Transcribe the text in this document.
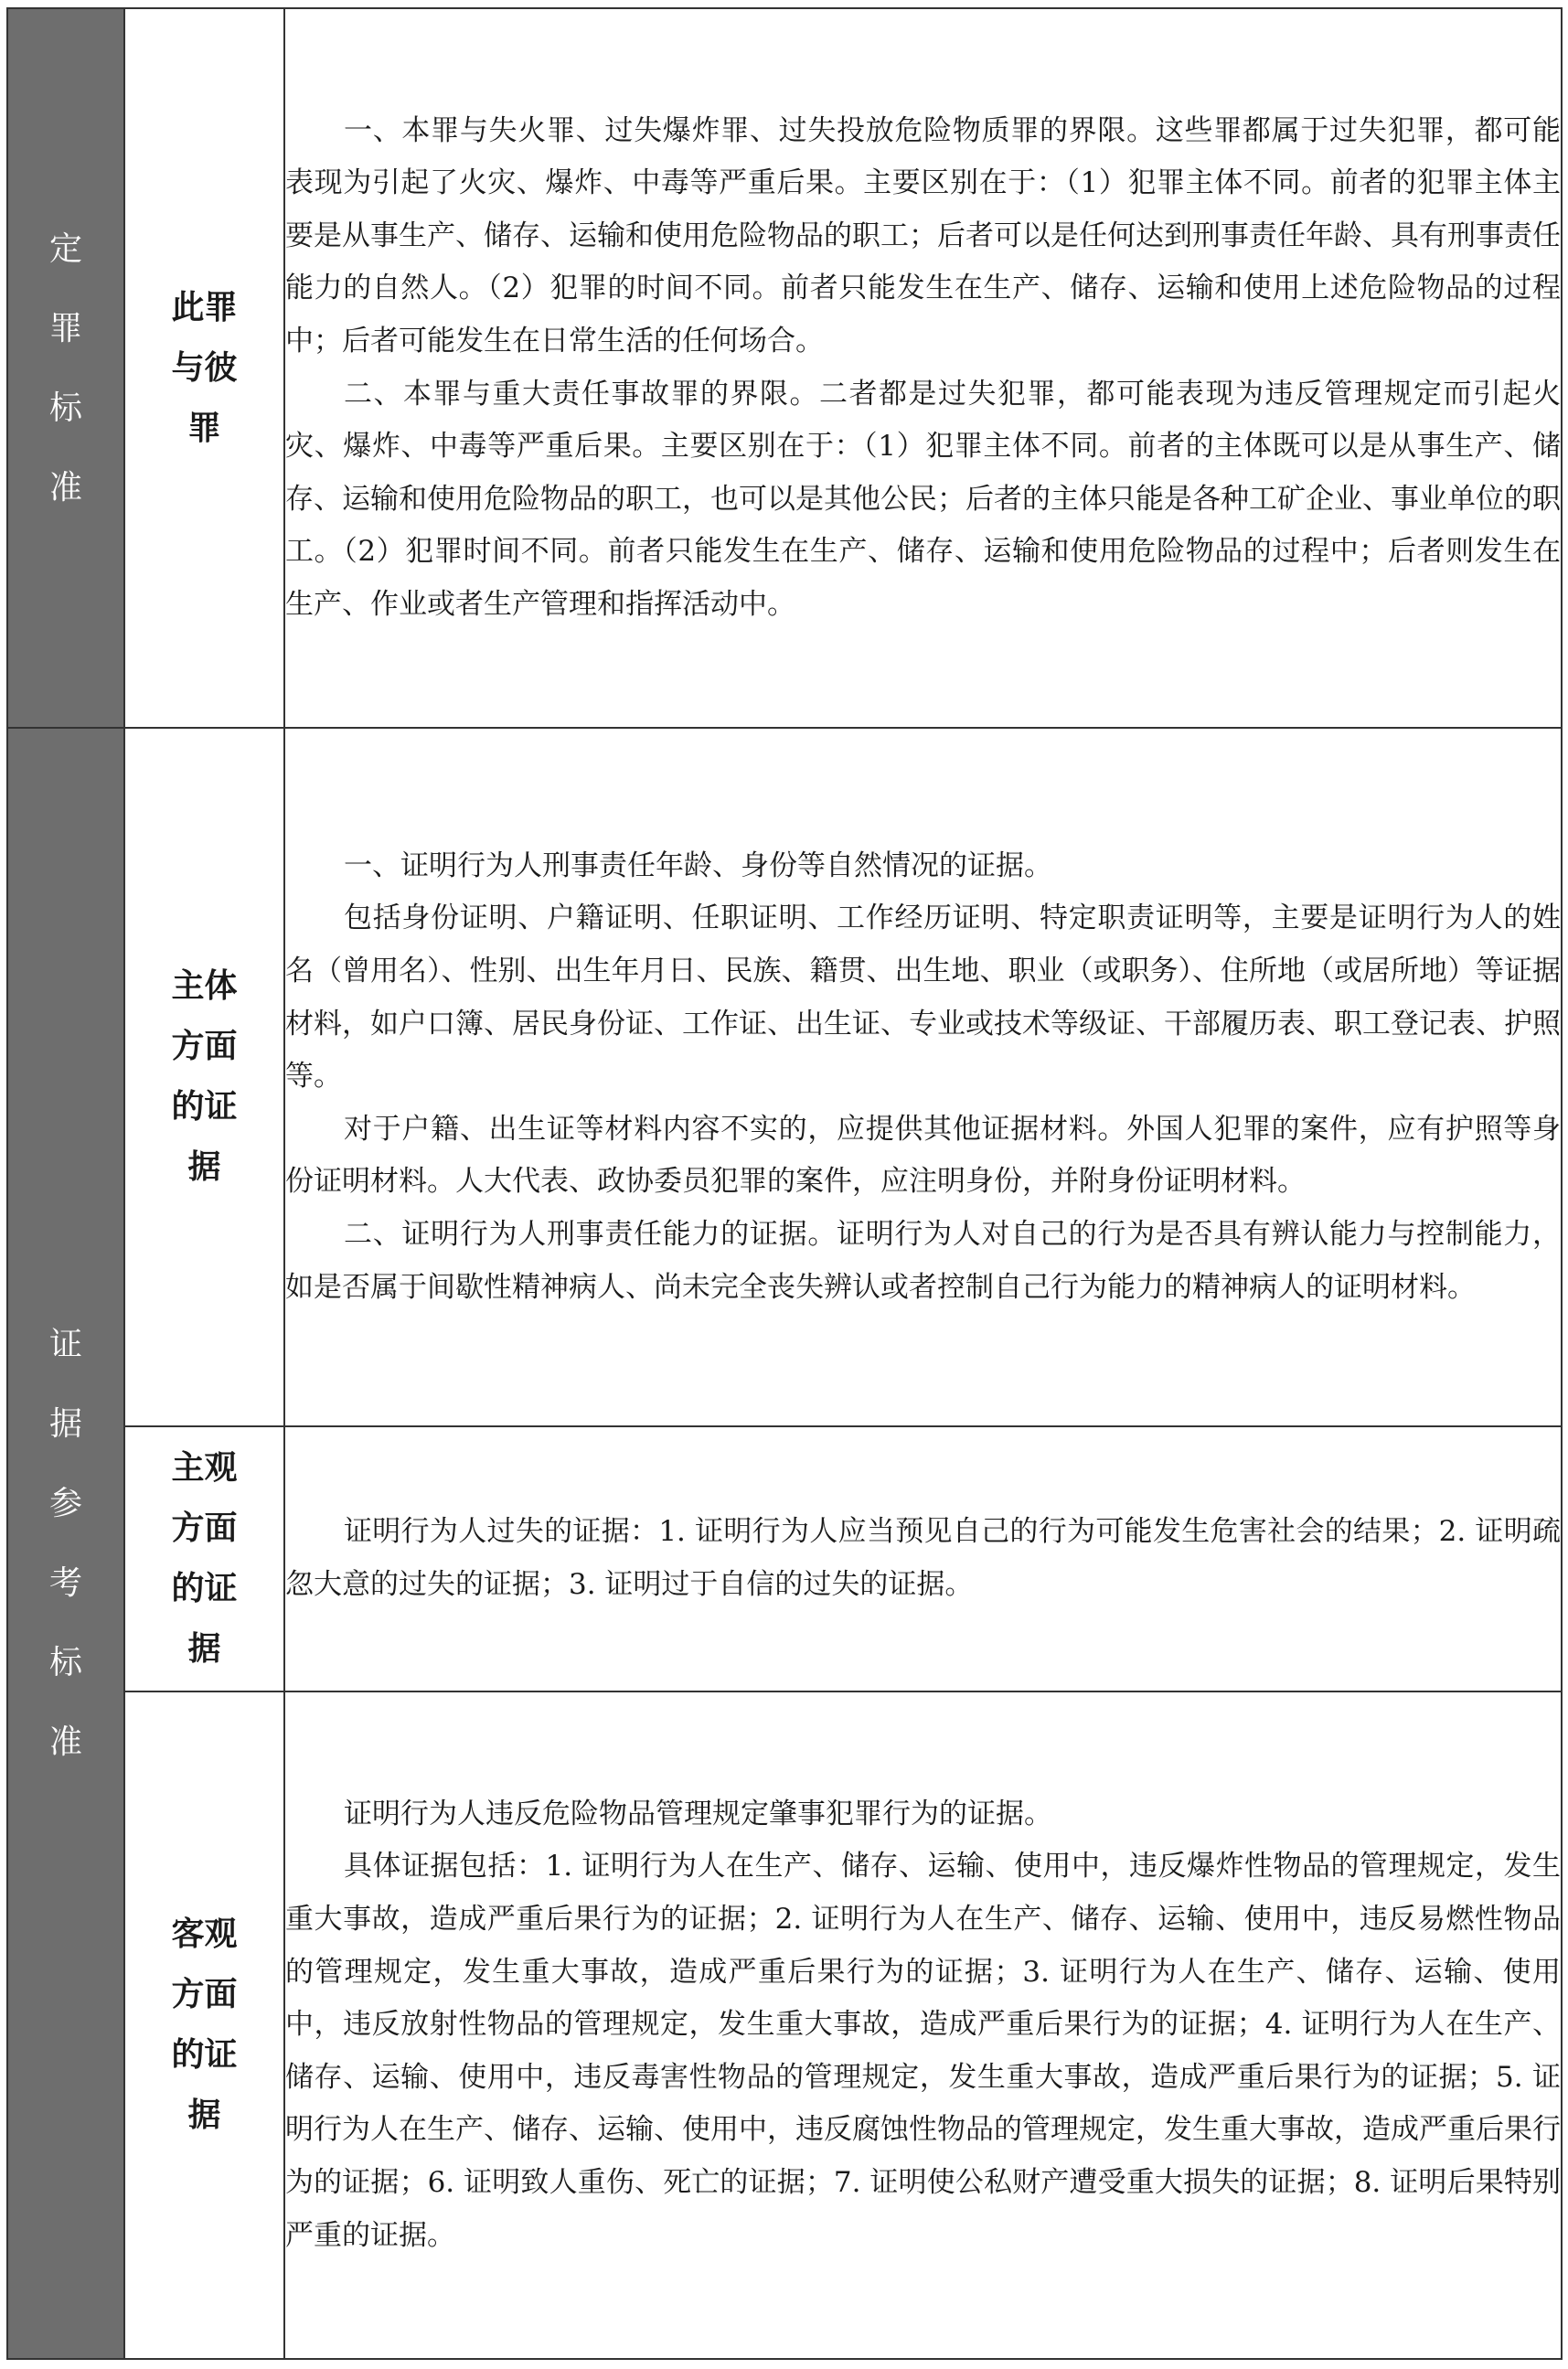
定罪标准	此罪与彼罪	一、本罪与失火罪、过失爆炸罪、过失投放危险物质罪的界限。这些罪都属于过失犯罪，都可能表现为引起了火灾、爆炸、中毒等严重后果。主要区别在于：（1）犯罪主体不同。前者的犯罪主体主要是从事生产、储存、运输和使用危险物品的职工；后者可以是任何达到刑事责任年龄、具有刑事责任能力的自然人。（2）犯罪的时间不同。前者只能发生在生产、储存、运输和使用上述危险物品的过程中；后者可能发生在日常生活的任何场合。

二、本罪与重大责任事故罪的界限。二者都是过失犯罪，都可能表现为违反管理规定而引起火灾、爆炸、中毒等严重后果。主要区别在于：（1）犯罪主体不同。前者的主体既可以是从事生产、储存、运输和使用危险物品的职工，也可以是其他公民；后者的主体只能是各种工矿企业、事业单位的职工。（2）犯罪时间不同。前者只能发生在生产、储存、运输和使用危险物品的过程中；后者则发生在生产、作业或者生产管理和指挥活动中。

证据参考标准	主体方面的证据	一、证明行为人刑事责任年龄、身份等自然情况的证据。

包括身份证明、户籍证明、任职证明、工作经历证明、特定职责证明等，主要是证明行为人的姓名（曾用名）、性别、出生年月日、民族、籍贯、出生地、职业（或职务）、住所地（或居所地）等证据材料，如户口簿、居民身份证、工作证、出生证、专业或技术等级证、干部履历表、职工登记表、护照等。

对于户籍、出生证等材料内容不实的，应提供其他证据材料。外国人犯罪的案件，应有护照等身份证明材料。人大代表、政协委员犯罪的案件，应注明身份，并附身份证明材料。

二、证明行为人刑事责任能力的证据。证明行为人对自己的行为是否具有辨认能力与控制能力，如是否属于间歇性精神病人、尚未完全丧失辨认或者控制自己行为能力的精神病人的证明材料。

	主观方面的证据	证明行为人过失的证据：1. 证明行为人应当预见自己的行为可能发生危害社会的结果；2. 证明疏忽大意的过失的证据；3. 证明过于自信的过失的证据。

	客观方面的证据	证明行为人违反危险物品管理规定肇事犯罪行为的证据。

具体证据包括：1. 证明行为人在生产、储存、运输、使用中，违反爆炸性物品的管理规定，发生重大事故，造成严重后果行为的证据；2. 证明行为人在生产、储存、运输、使用中，违反易燃性物品的管理规定，发生重大事故，造成严重后果行为的证据；3. 证明行为人在生产、储存、运输、使用中，违反放射性物品的管理规定，发生重大事故，造成严重后果行为的证据；4. 证明行为人在生产、储存、运输、使用中，违反毒害性物品的管理规定，发生重大事故，造成严重后果行为的证据；5. 证明行为人在生产、储存、运输、使用中，违反腐蚀性物品的管理规定，发生重大事故，造成严重后果行为的证据；6. 证明致人重伤、死亡的证据；7. 证明使公私财产遭受重大损失的证据；8. 证明后果特别严重的证据。
